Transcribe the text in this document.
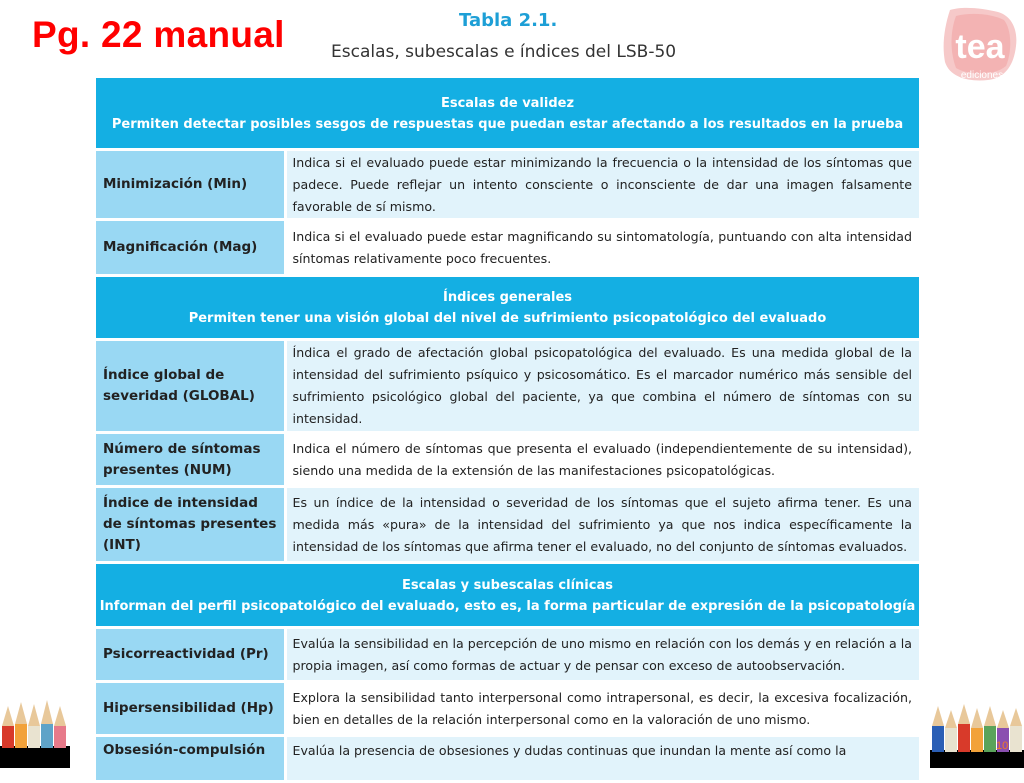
Pg. 22 manual	Tabla 2.1.
Escalas, subescalas e índices del LSB-50	tea
ediciones
Escalas de validez
Permiten detectar posibles sesgos de respuestas que puedan estar afectando a los resultados en la prueba	

Minimización (Min)	Indica si el evaluado puede estar minimizando la frecuencia o la intensidad de los síntomas que padece. Puede reflejar un intento consciente o inconsciente de dar una imagen falsamente favorable de sí mismo.
Magnificación (Mag)	Indica si el evaluado puede estar magnificando su sintomatología, puntuando con alta intensidad síntomas relativamente poco frecuentes.

Índices generales
Permiten tener una visión global del nivel de sufrimiento psicopatológico del evaluado	

Índice global de severidad (GLOBAL)	Índica el grado de afectación global psicopatológica del evaluado. Es una medida global de la intensidad del sufrimiento psíquico y psicosomático. Es el marcador numérico más sensible del sufrimiento psicológico global del paciente, ya que combina el número de síntomas con su intensidad.
Número de síntomas presentes (NUM)	Indica el número de síntomas que presenta el evaluado (independientemente de su intensidad), siendo una medida de la extensión de las manifestaciones psicopatológicas.
Índice de intensidad de síntomas presentes (INT)	Es un índice de la intensidad o severidad de los síntomas que el sujeto afirma tener. Es una medida más «pura» de la intensidad del sufrimiento ya que nos indica específicamente la intensidad de los síntomas que afirma tener el evaluado, no del conjunto de síntomas evaluados.

Escalas y subescalas clínicas
Informan del perfil psicopatológico del evaluado, esto es, la forma particular de expresión de la psicopatología	

Psicorreactividad (Pr)	Evalúa la sensibilidad en la percepción de uno mismo en relación con los demás y en relación a la propia imagen, así como formas de actuar y de pensar con exceso de autoobservación.
Hipersensibilidad (Hp)	Explora la sensibilidad tanto interpersonal como intrapersonal, es decir, la excesiva focalización, bien en detalles de la relación interpersonal como en la valoración de uno mismo.
Obsesión-compulsión	Evalúa la presencia de obsesiones y dudas continuas que inundan la mente así como la	10
